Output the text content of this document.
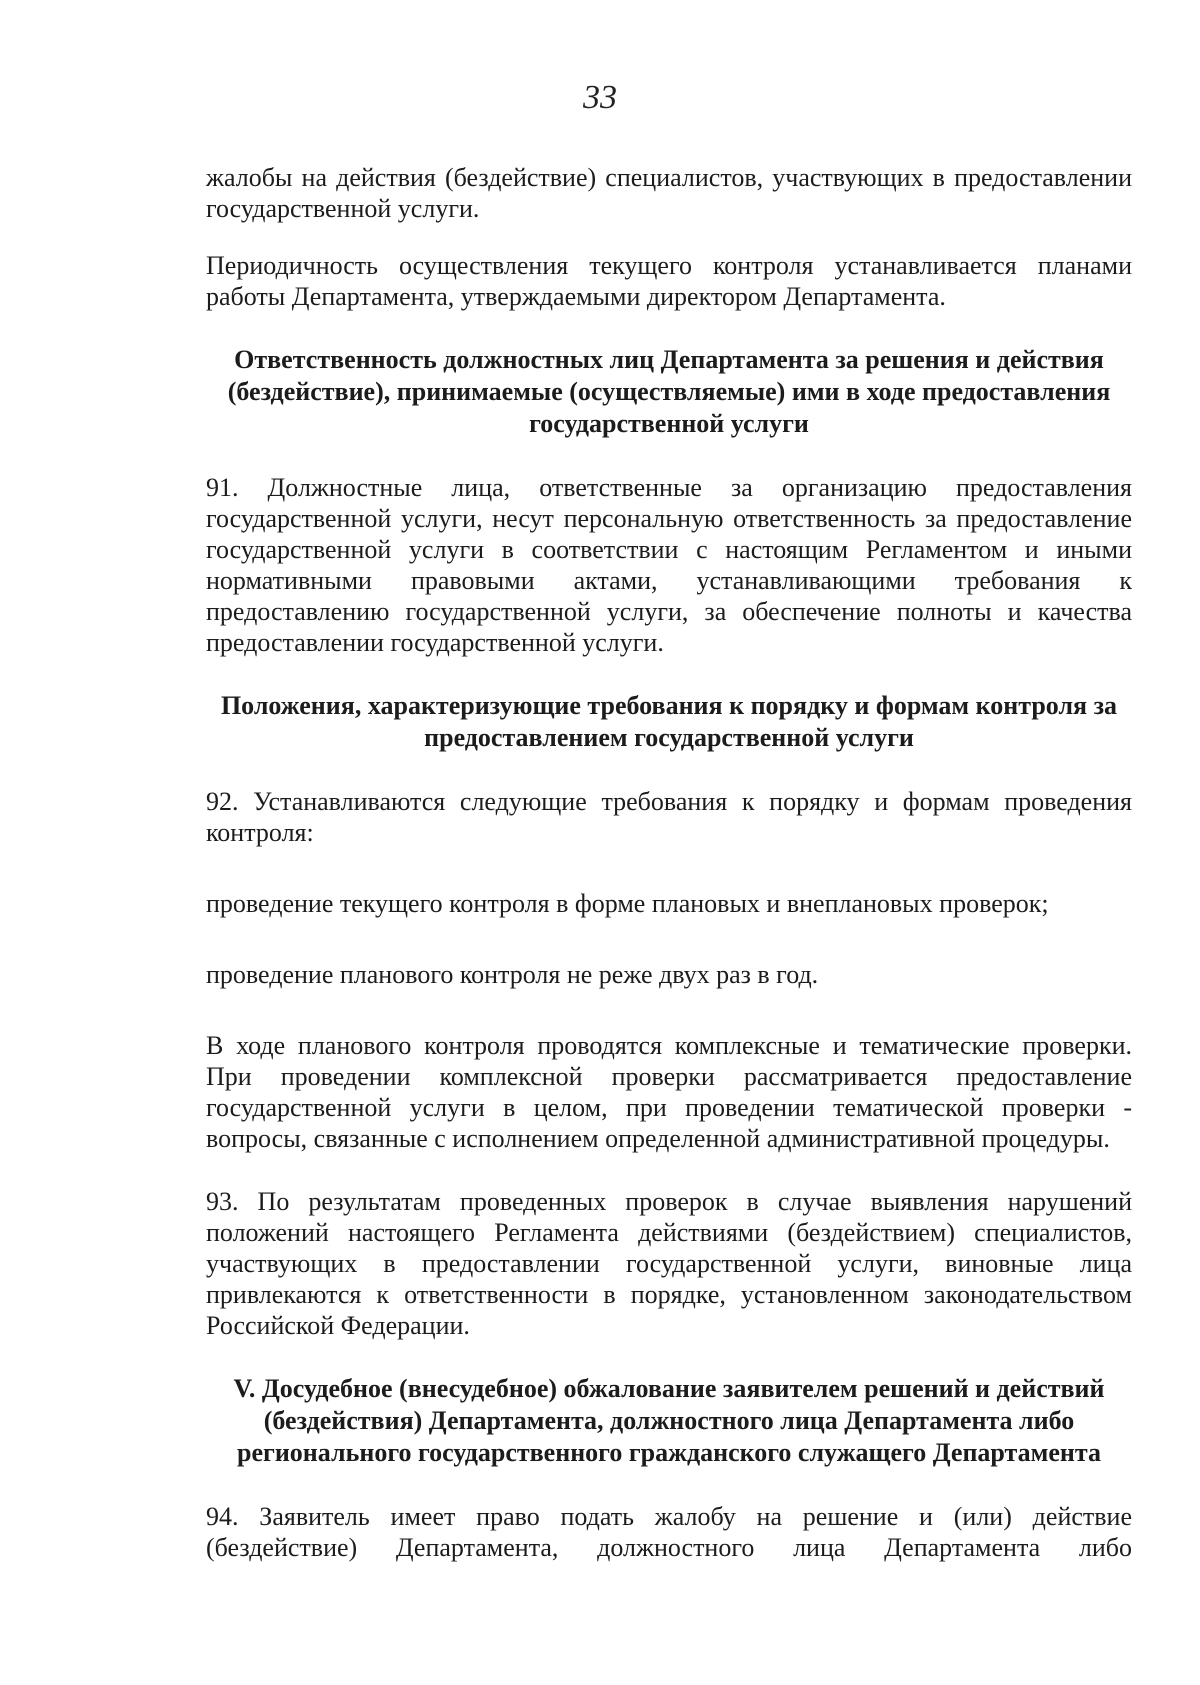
33

жалобы на действия (бездействие) специалистов, участвующих в предоставлении государственной услуги.

Периодичность осуществления текущего контроля устанавливается планами работы Департамента, утверждаемыми директором Департамента.

Ответственность должностных лиц Департамента за решения и действия (бездействие), принимаемые (осуществляемые) ими в ходе предоставления государственной услуги

91. Должностные лица, ответственные за организацию предоставления государственной услуги, несут персональную ответственность за предоставление государственной услуги в соответствии с настоящим Регламентом и иными нормативными правовыми актами, устанавливающими требования к предоставлению государственной услуги, за обеспечение полноты и качества предоставлении государственной услуги.

Положения, характеризующие требования к порядку и формам контроля за предоставлением государственной услуги

92. Устанавливаются следующие требования к порядку и формам проведения контроля:

проведение текущего контроля в форме плановых и внеплановых проверок;

проведение планового контроля не реже двух раз в год.

В ходе планового контроля проводятся комплексные и тематические проверки. При проведении комплексной проверки рассматривается предоставление государственной услуги в целом, при проведении тематической проверки - вопросы, связанные с исполнением определенной административной процедуры.

93. По результатам проведенных проверок в случае выявления нарушений положений настоящего Регламента действиями (бездействием) специалистов, участвующих в предоставлении государственной услуги, виновные лица привлекаются к ответственности в порядке, установленном законодательством Российской Федерации.

V. Досудебное (внесудебное) обжалование заявителем решений и действий (бездействия) Департамента, должностного лица Департамента либо регионального государственного гражданского служащего Департамента

94. Заявитель имеет право подать жалобу на решение и (или) действие (бездействие) Департамента, должностного лица Департамента либо
